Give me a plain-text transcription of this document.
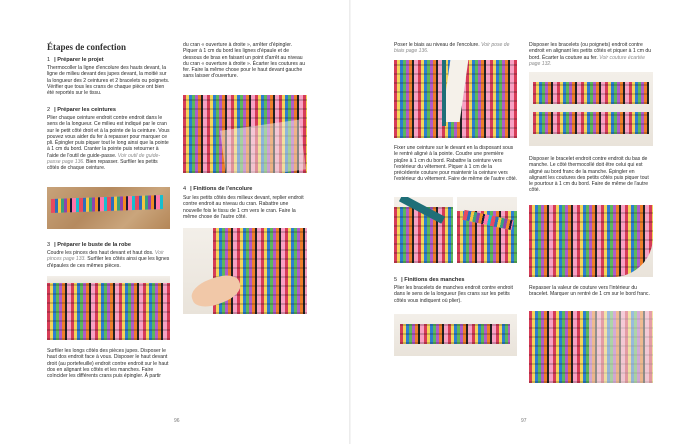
Étapes de confection
1 | Préparer le projet

Thermocoller la ligne d'encolure des hauts devant, la ligne de milieu devant des jupes devant, la moitié sur la longueur des 2 ceintures et 2 bracelets ou poignets. Vérifier que tous les crans de chaque pièce ont bien été reportés sur le tissu.

2 | Préparer les ceintures

Plier chaque ceinture endroit contre endroit dans le sens de la longueur. Ce milieu est indiqué par le cran sur le petit côté droit et à la pointe de la ceinture. Vous pouvez vous aider du fer à repasser pour marquer ce pli. Épingler puis piquer tout le long ainsi que la pointe à 1 cm du bord. Cranter la pointe puis retourner à l'aide de l'outil de guide-passe. Voir outil de guide-passe page 136. Bien repasser. Surfiler les petits côtés de chaque ceinture.

3 | Préparer le buste de la robe

Coudre les pinces des haut devant et haut dos. Voir pinces page 133. Surfiler les côtés ainsi que les lignes d'épaules de ces mêmes pièces.

Surfiler les longs côtés des pièces jupes. Disposer le haut dos endroit face à vous. Disposer le haut devant droit (au portefeuille) endroit contre endroit sur le haut dos en alignant les côtés et les manches. Faire coïncider les différents crans puis épingler. À partir

du cran « ouverture à droite », arrêter d'épingler. Piquer à 1 cm du bord les lignes d'épaule et de dessous de bras en faisant un point d'arrêt au niveau du cran « ouverture à droite ». Écarter les coutures au fer. Faire la même chose pour le haut devant gauche sans laisser d'ouverture.

4 | Finitions de l'encolure

Sur les petits côtés des milieux devant, replier endroit contre endroit au niveau du cran. Rabattre une nouvelle fois le tissu de 1 cm vers le cran. Faire la même chose de l'autre côté.

96

Poser le biais au niveau de l'encolure. Voir pose de biais page 136.

Fixer une ceinture sur le devant en la disposant sous le rentré aligné à la pointe. Coudre une première piqûre à 1 cm du bord. Rabattre la ceinture vers l'extérieur du vêtement. Piquer à 1 cm de la précédente couture pour maintenir la ceinture vers l'extérieur du vêtement. Faire de même de l'autre côté.

5 | Finitions des manches

Plier les bracelets de manches endroit contre endroit dans le sens de la longueur (les crans sur les petits côtés vous indiquent où plier).

Disposer les bracelets (ou poignets) endroit contre endroit en alignant les petits côtés et piquer à 1 cm du bord. Écarter la couture au fer. Voir couture écartée page 132.

Disposer le bracelet endroit contre endroit du bas de manche. Le côté thermocollé doit être celui qui est aligné au bord franc de la manche. Épingler en alignant les coutures des petits côtés puis piquer tout le pourtour à 1 cm du bord. Faire de même de l'autre côté.

Repasser la valeur de couture vers l'intérieur du bracelet. Marquer un rentré de 1 cm sur le bord franc.

97
